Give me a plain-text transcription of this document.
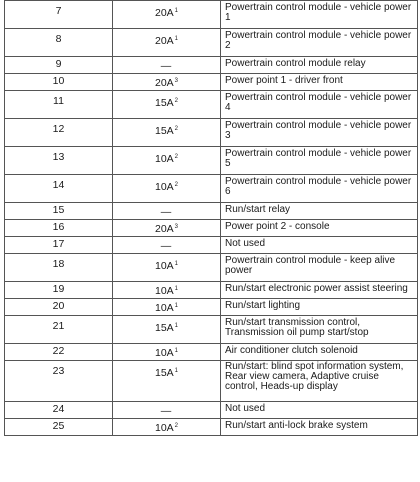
7	$20A^1$	Powertrain control module - vehicle power 1
8	$20A^1$	Powertrain control module - vehicle power 2
9	—	Powertrain control module relay
10	$20A^3$	Power point 1 - driver front
11	$15A^2$	Powertrain control module - vehicle power 4
12	$15A^2$	Powertrain control module - vehicle power 3
13	$10A^2$	Powertrain control module - vehicle power 5
14	$10A^2$	Powertrain control module - vehicle power 6
15	—	Run/start relay
16	$20A^3$	Power point 2 - console
17	—	Not used
18	$10A^1$	Powertrain control module - keep alive power
19	$10A^1$	Run/start electronic power assist steering
20	$10A^1$	Run/start lighting
21	$15A^1$	Run/start transmission control, Transmission oil pump start/stop
22	$10A^1$	Air conditioner clutch solenoid
23	$15A^1$	Run/start: blind spot information system, Rear view camera, Adaptive cruise control, Heads-up display
24	—	Not used
25	$10A^2$	Run/start anti-lock brake system
